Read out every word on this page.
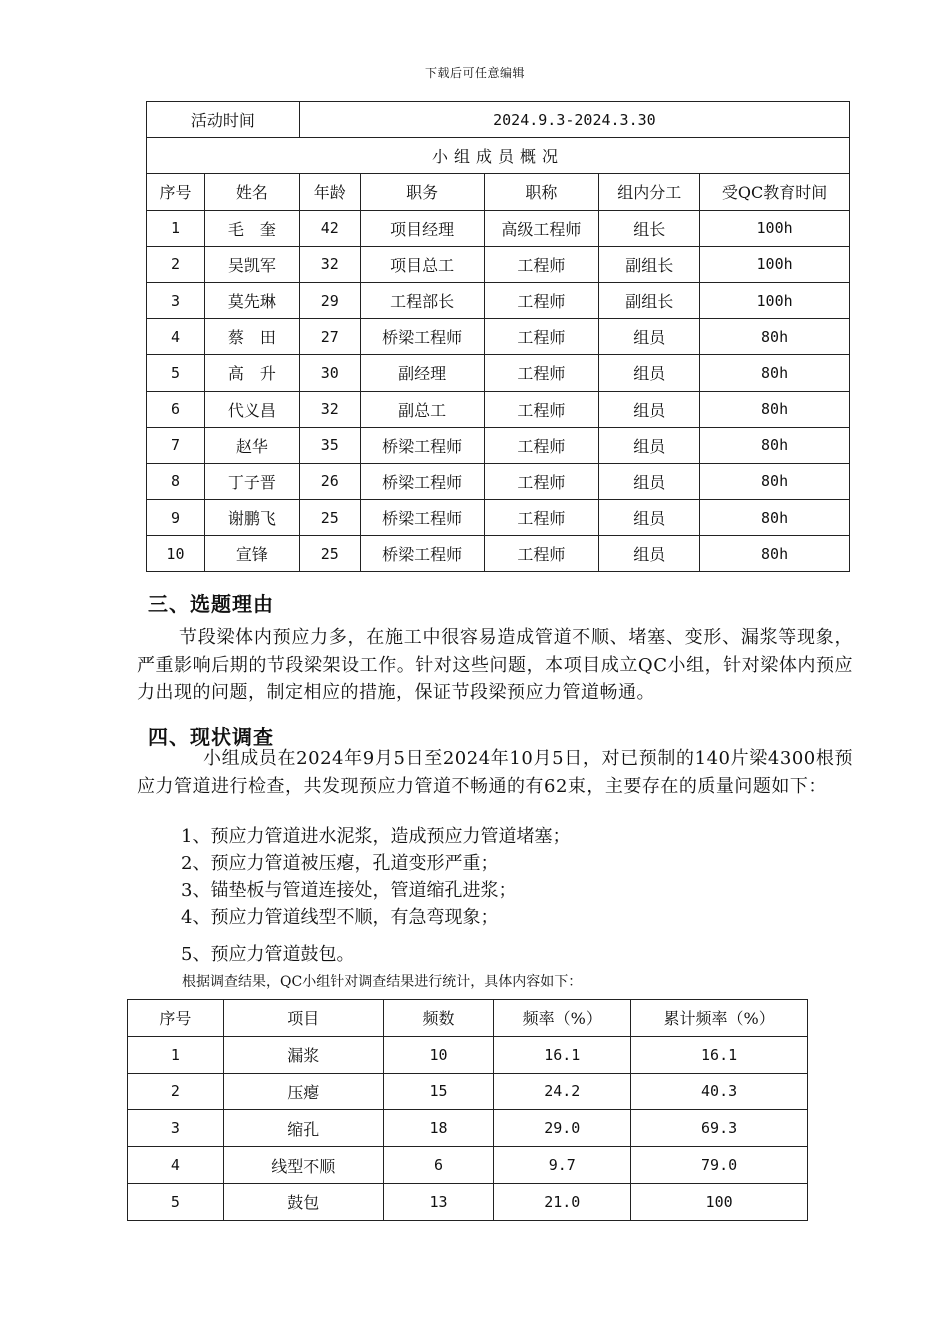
下载后可任意编辑
活动时间		2024.9.3-2024.3.30				
小组成员概况						
序号	姓名	年龄	职务	职称	组内分工	受QC教育时间
1	毛　奎	42	项目经理	高级工程师	组长	100h
2	吴凯军	32	项目总工	工程师	副组长	100h
3	莫先琳	29	工程部长	工程师	副组长	100h
4	蔡　田	27	桥梁工程师	工程师	组员	80h
5	高　升	30	副经理	工程师	组员	80h
6	代义昌	32	副总工	工程师	组员	80h
7	赵华	35	桥梁工程师	工程师	组员	80h
8	丁子晋	26	桥梁工程师	工程师	组员	80h
9	谢鹏飞	25	桥梁工程师	工程师	组员	80h
10	宣锋	25	桥梁工程师	工程师	组员	80h
三、选题理由

节段梁体内预应力多，在施工中很容易造成管道不顺、堵塞、变形、漏浆等现象，严重影响后期的节段梁架设工作。针对这些问题，本项目成立QC小组，针对梁体内预应力出现的问题，制定相应的措施，保证节段梁预应力管道畅通。

四、现状调查

小组成员在2024年9月5日至2024年10月5日，对已预制的140片梁4300根预应力管道进行检查，共发现预应力管道不畅通的有62束，主要存在的质量问题如下：

1、预应力管道进水泥浆，造成预应力管道堵塞；
2、预应力管道被压瘪，孔道变形严重；
3、锚垫板与管道连接处，管道缩孔进浆；
4、预应力管道线型不顺，有急弯现象；
5、预应力管道鼓包。

根据调查结果，QC小组针对调查结果进行统计，具体内容如下：

序号	项目	频数	频率（%）	累计频率（%）
1	漏浆	10	16.1	16.1
2	压瘪	15	24.2	40.3
3	缩孔	18	29.0	69.3
4	线型不顺	6	9.7	79.0
5	鼓包	13	21.0	100
